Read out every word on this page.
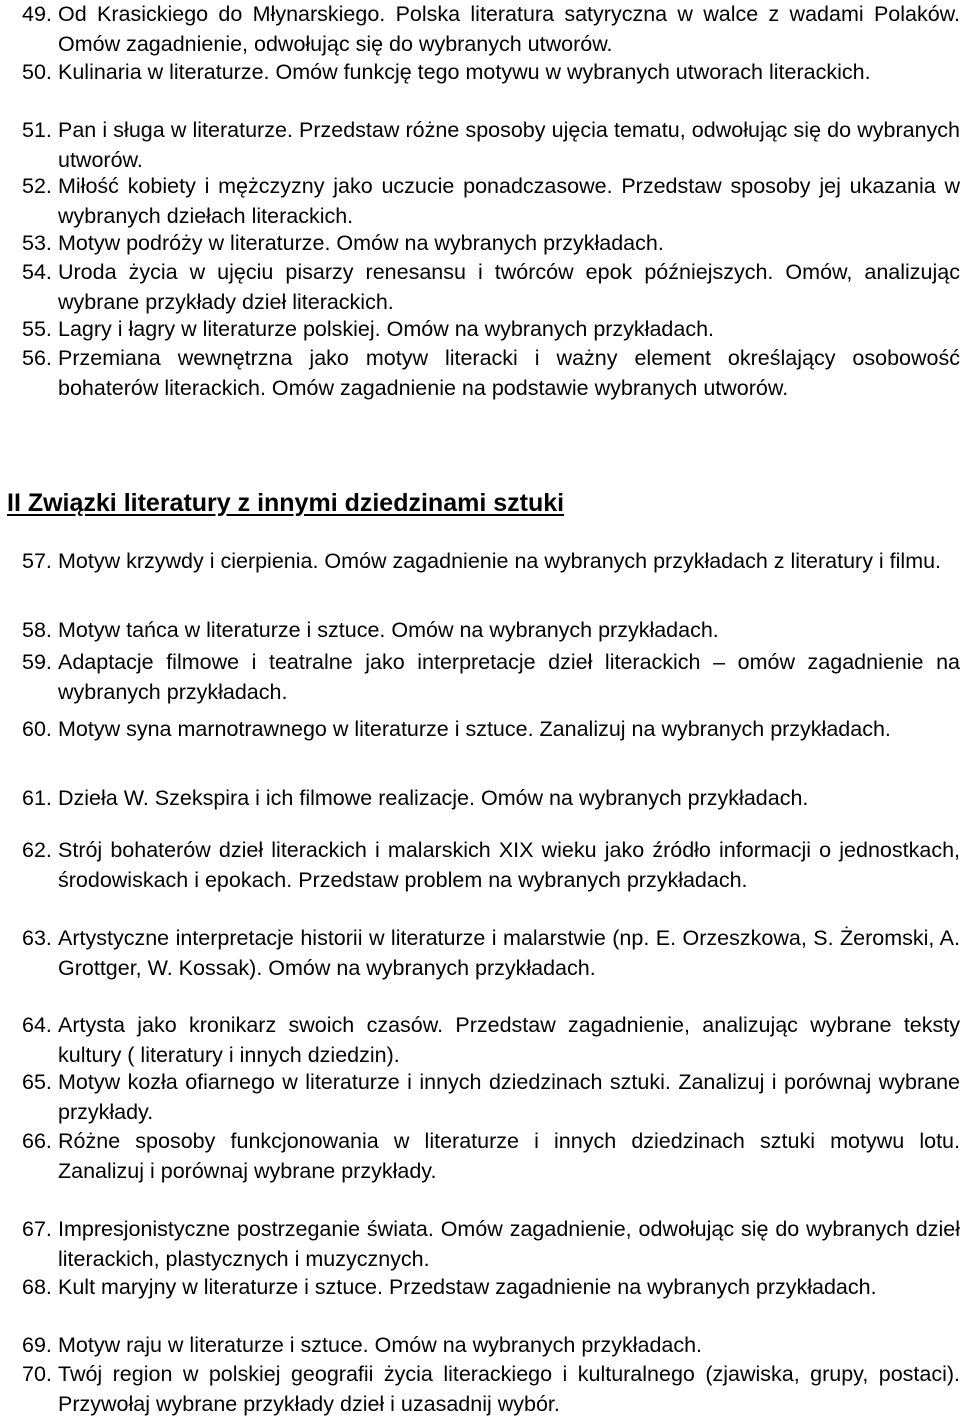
49. Od Krasickiego do Młynarskiego. Polska literatura satyryczna w walce z wadami Polaków. Omów zagadnienie, odwołując się do wybranych utworów.
50. Kulinaria w literaturze. Omów funkcję tego motywu w wybranych utworach literackich.
51. Pan i sługa w literaturze. Przedstaw różne sposoby ujęcia tematu, odwołując się do wybranych utworów.
52. Miłość kobiety i mężczyzny jako uczucie ponadczasowe. Przedstaw sposoby jej ukazania w wybranych dziełach literackich.
53. Motyw podróży w literaturze. Omów na wybranych przykładach.
54. Uroda życia w ujęciu pisarzy renesansu i twórców epok późniejszych. Omów, analizując wybrane przykłady dzieł literackich.
55. Lagry i łagry w literaturze polskiej. Omów na wybranych przykładach.
56. Przemiana wewnętrzna jako motyw literacki i ważny element określający osobowość bohaterów literackich. Omów zagadnienie na podstawie wybranych utworów.
II Związki literatury z innymi dziedzinami sztuki
57. Motyw krzywdy i cierpienia. Omów zagadnienie na wybranych przykładach z literatury i filmu.
58. Motyw tańca w literaturze i sztuce. Omów na wybranych przykładach.
59. Adaptacje filmowe i teatralne jako interpretacje dzieł literackich – omów zagadnienie na wybranych przykładach.
60. Motyw syna marnotrawnego w literaturze i sztuce. Zanalizuj na wybranych przykładach.
61. Dzieła W. Szekspira i ich filmowe realizacje. Omów na wybranych przykładach.
62. Strój bohaterów dzieł literackich i malarskich XIX wieku jako źródło informacji o jednostkach, środowiskach i epokach. Przedstaw problem na wybranych przykładach.
63. Artystyczne interpretacje historii w literaturze i malarstwie (np. E. Orzeszkowa, S. Żeromski, A. Grottger, W. Kossak). Omów na wybranych przykładach.
64. Artysta jako kronikarz swoich czasów. Przedstaw zagadnienie, analizując wybrane teksty kultury ( literatury i innych dziedzin).
65. Motyw kozła ofiarnego w literaturze i innych dziedzinach sztuki. Zanalizuj i porównaj wybrane przykłady.
66. Różne sposoby funkcjonowania w literaturze i innych dziedzinach sztuki motywu lotu. Zanalizuj i porównaj wybrane przykłady.
67. Impresjonistyczne postrzeganie świata. Omów zagadnienie, odwołując się do wybranych dzieł literackich, plastycznych i muzycznych.
68. Kult maryjny w literaturze i sztuce. Przedstaw zagadnienie na wybranych przykładach.
69. Motyw raju w literaturze i sztuce. Omów na wybranych przykładach.
70. Twój region w polskiej geografii życia literackiego i kulturalnego (zjawiska, grupy, postaci). Przywołaj wybrane przykłady dzieł i uzasadnij wybór.
